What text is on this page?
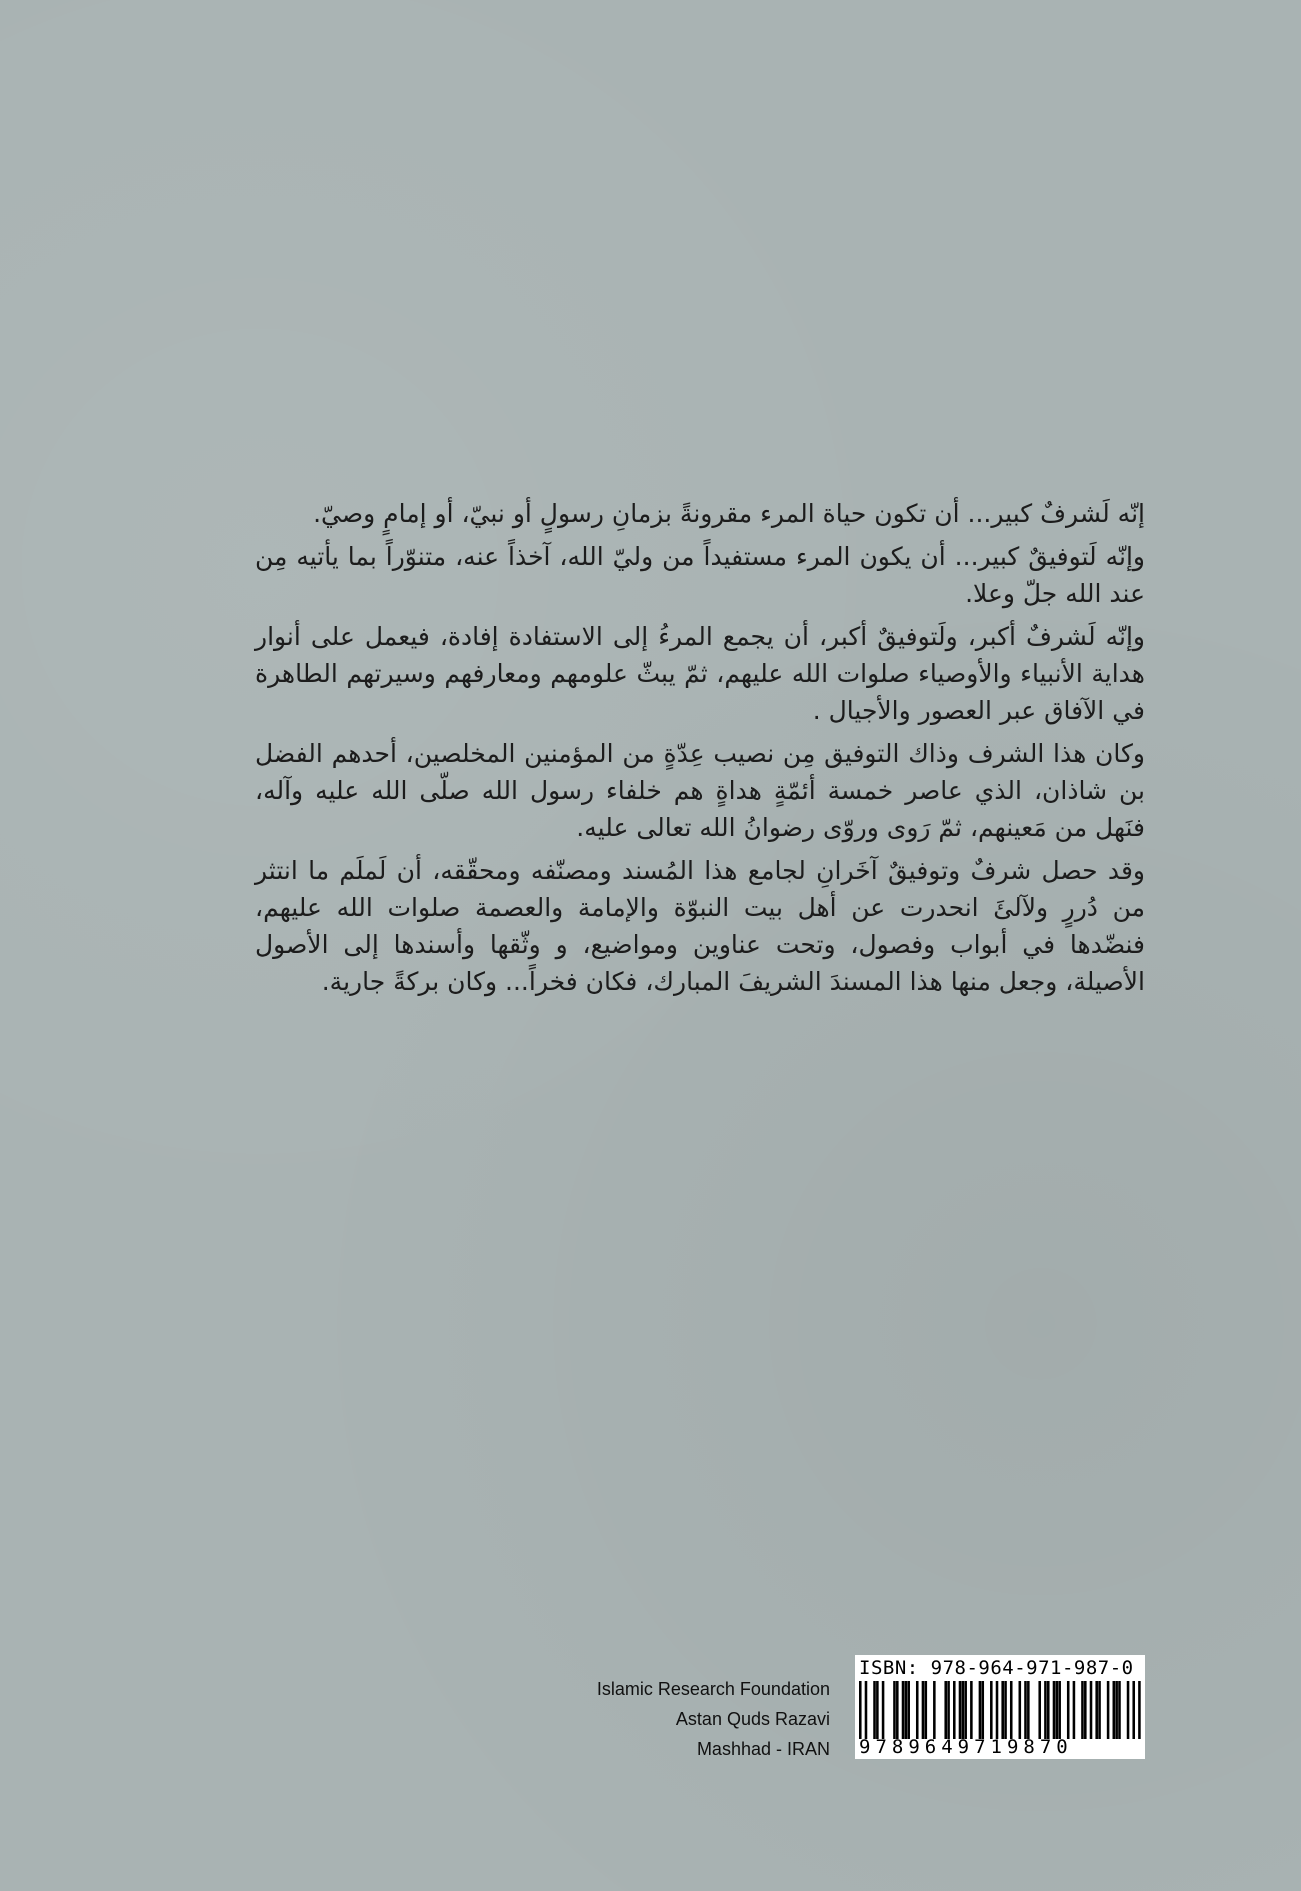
إنّه لَشرفٌ كبير... أن تكون حياة المرء مقرونةً بزمانِ رسولٍ أو نبيّ، أو إمامٍ وصيّ.

وإنّه لَتوفيقٌ كبير... أن يكون المرء مستفيداً من وليّ الله، آخذاً عنه، متنوّراً بما يأتيه مِن عند الله جلّ وعلا.

وإنّه لَشرفٌ أكبر، ولَتوفيقٌ أكبر، أن يجمع المرءُ إلى الاستفادة إفادة، فيعمل على أنوار هداية الأنبياء والأوصياء صلوات الله عليهم، ثمّ يبثّ علومهم ومعارفهم وسيرتهم الطاهرة في الآفاق عبر العصور والأجيال .

وكان هذا الشرف وذاك التوفيق مِن نصيب عِدّةٍ من المؤمنين المخلصين، أحدهم الفضل بن شاذان، الذي عاصر خمسة أئمّةٍ هداةٍ هم خلفاء رسول الله صلّى الله عليه وآله، فنَهل من مَعينهم، ثمّ رَوى وروّى رضوانُ الله تعالى عليه.

وقد حصل شرفٌ وتوفيقٌ آخَرانِ لجامع هذا المُسند ومصنّفه ومحقّقه، أن لَملَم ما انتثر من دُررٍ ولآلئَ انحدرت عن أهل بيت النبوّة والإمامة والعصمة صلوات الله عليهم، فنضّدها في أبواب وفصول، وتحت عناوين ومواضيع، و وثّقها وأسندها إلى الأصول الأصيلة، وجعل منها هذا المسندَ الشريفَ المبارك، فكان فخراً... وكان بركةً جارية.

Islamic Research Foundation
Astan Quds Razavi
Mashhad - IRAN
ISBN: 978-964-971-987-0
9789649719870
